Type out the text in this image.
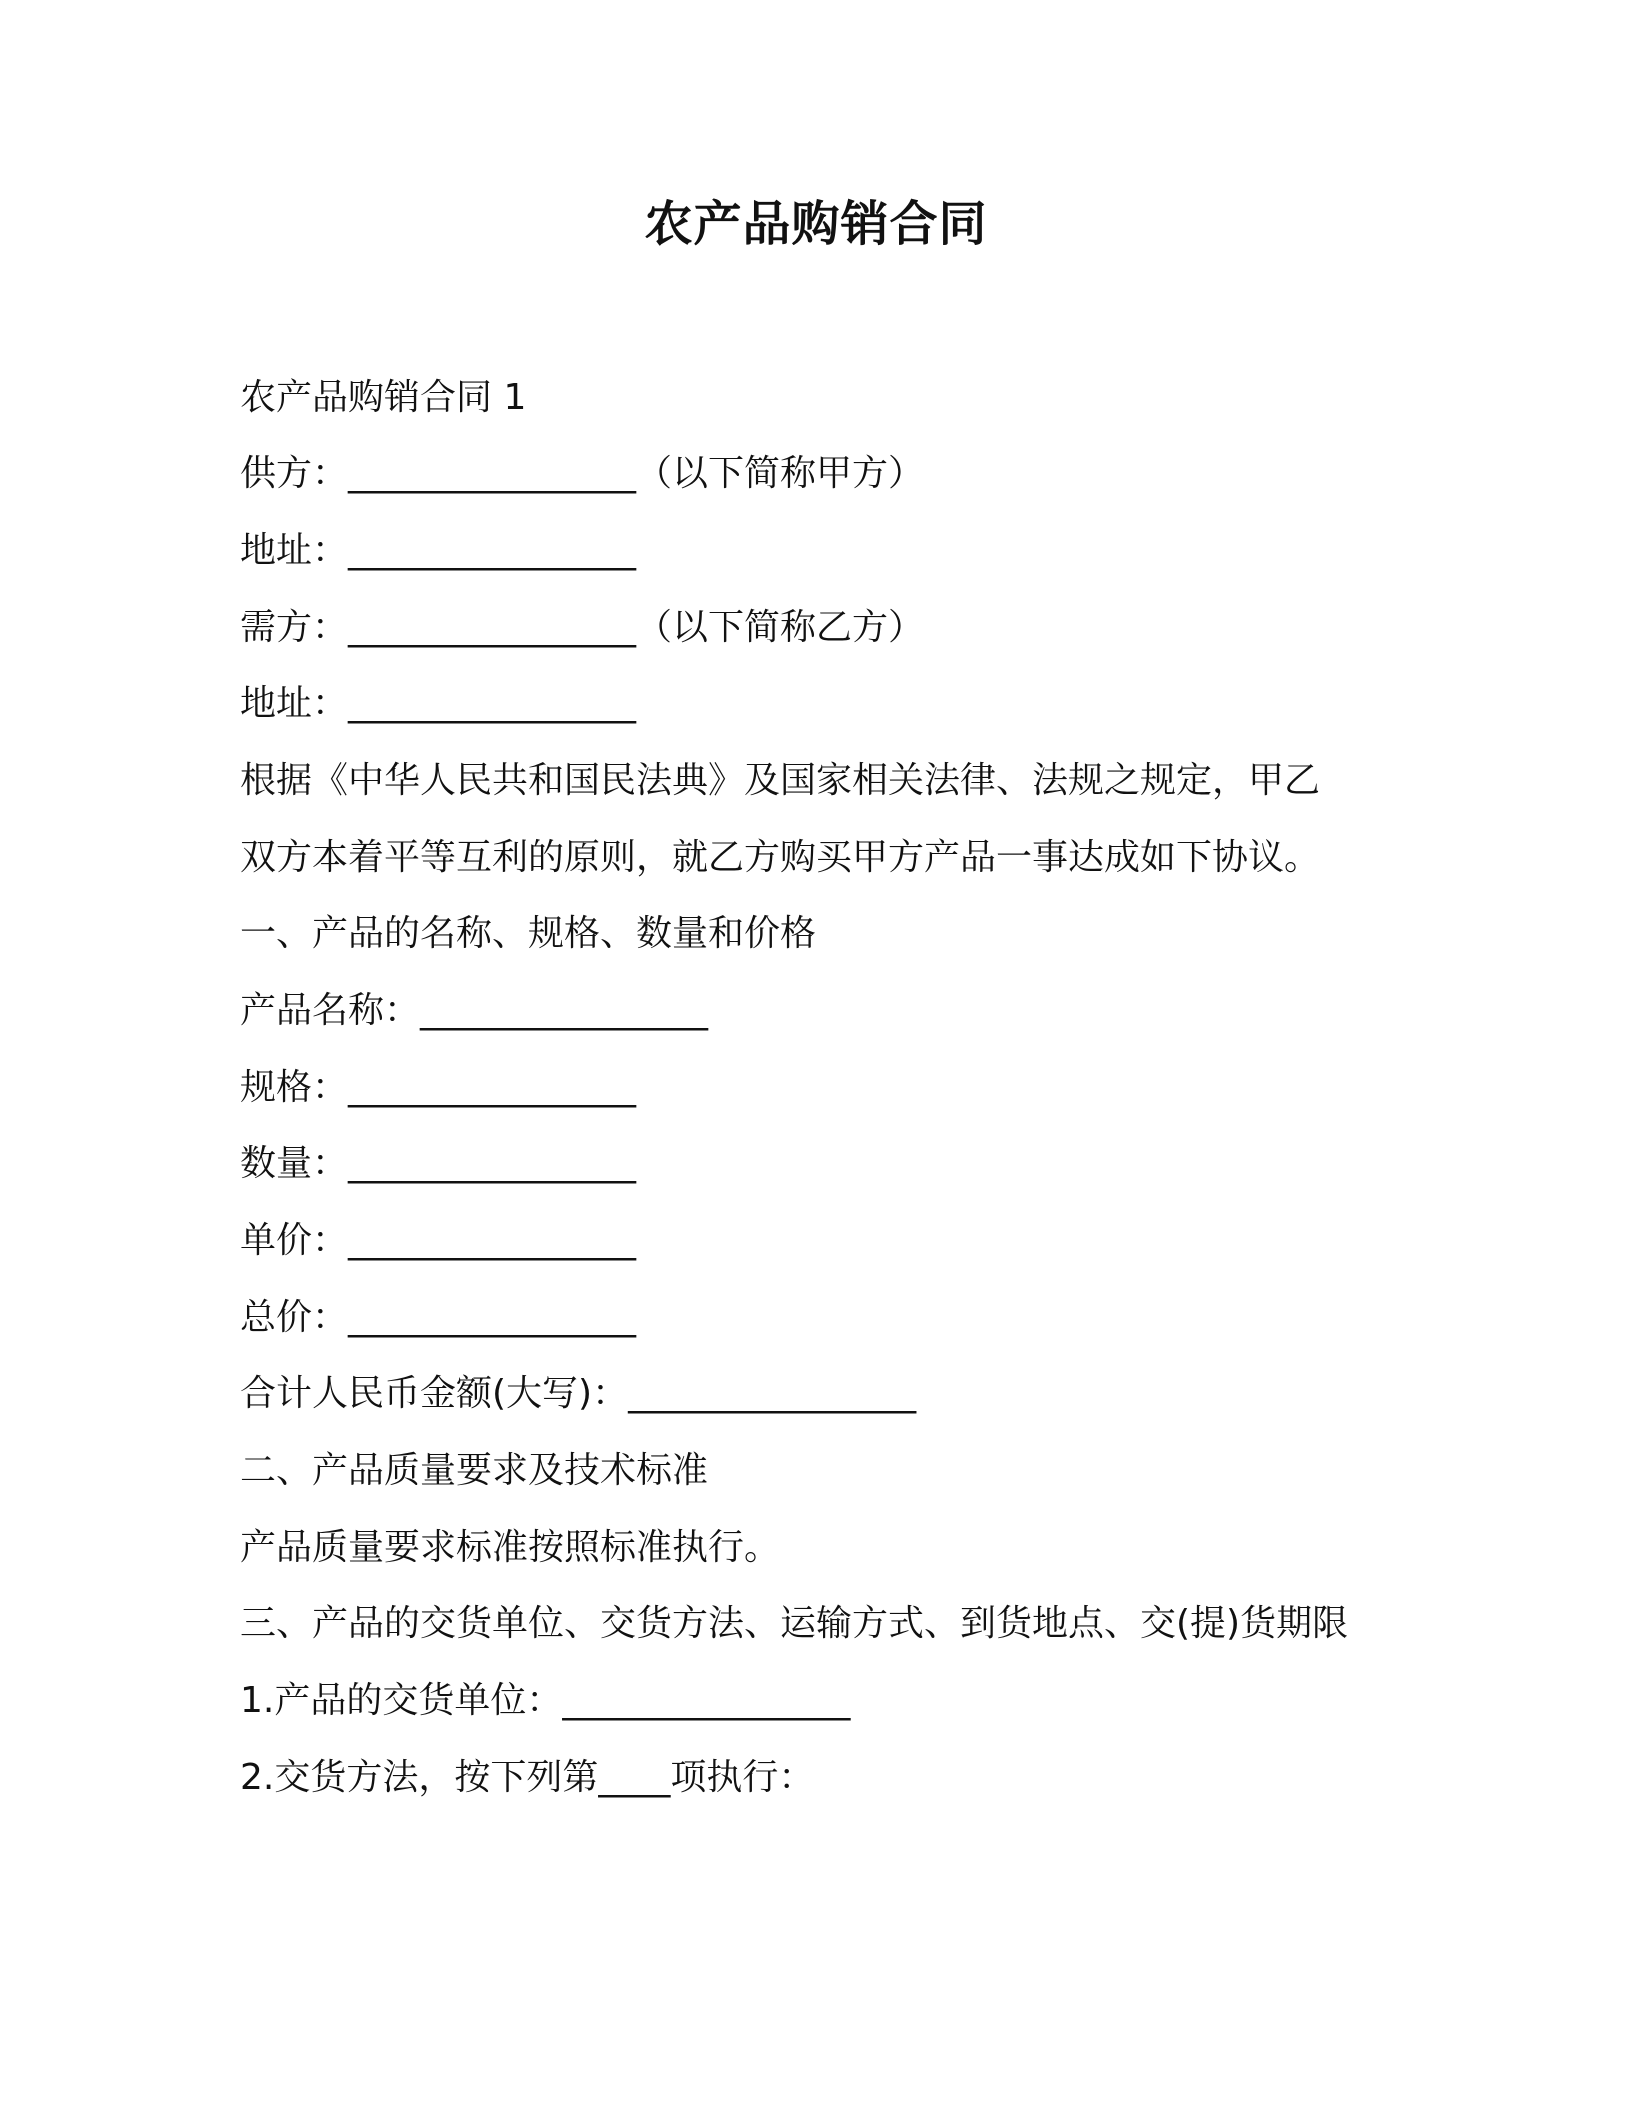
农产品购销合同
农产品购销合同 1
供方：________________（以下简称甲方）
地址：________________
需方：________________（以下简称乙方）
地址：________________
根据《中华人民共和国民法典》及国家相关法律、法规之规定，甲乙
双方本着平等互利的原则，就乙方购买甲方产品一事达成如下协议。
一、产品的名称、规格、数量和价格
产品名称：________________
规格：________________
数量：________________
单价：________________
总价：________________
合计人民币金额(大写)：________________
二、产品质量要求及技术标准
产品质量要求标准按照标准执行。
三、产品的交货单位、交货方法、运输方式、到货地点、交(提)货期限
1.产品的交货单位：________________
2.交货方法，按下列第____项执行：
